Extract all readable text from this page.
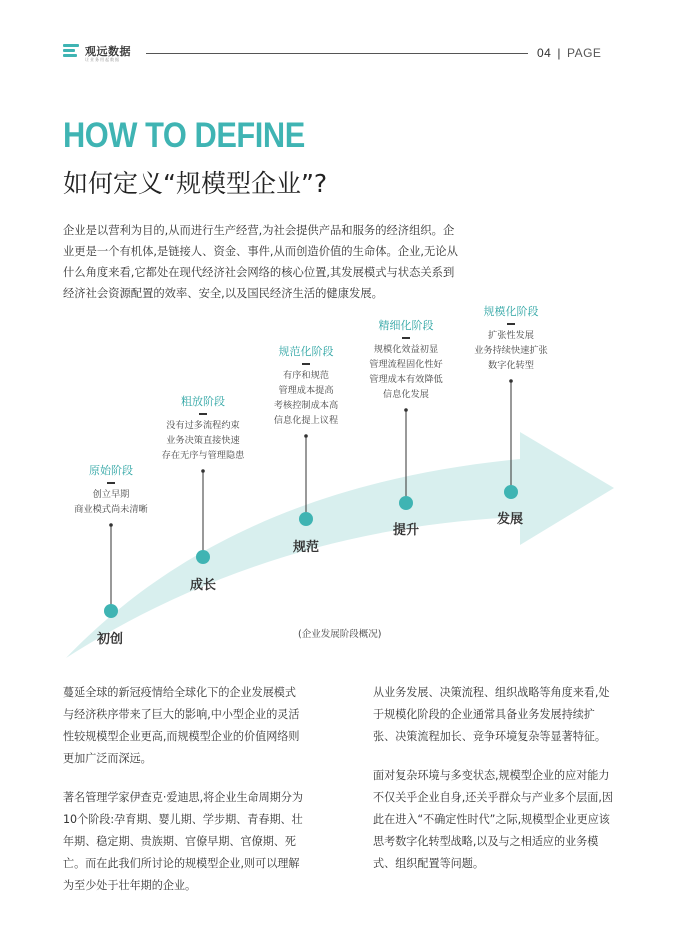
观远数据
让业务用起数据	04 | PAGE
HOW TO DEFINE
如何定义“规模型企业”?
企业是以营利为目的,从而进行生产经营,为社会提供产品和服务的经济组织。企业更是一个有机体,是链接人、资金、事件,从而创造价值的生命体。企业,无论从什么角度来看,它都处在现代经济社会网络的核心位置,其发展模式与状态关系到经济社会资源配置的效率、安全,以及国民经济生活的健康发展。
原始阶段
创立早期
商业模式尚未清晰
初创
粗放阶段
没有过多流程约束
业务决策直接快速
存在无序与管理隐患
成长
规范化阶段
有序和规范
管理成本提高
考核控制成本高
信息化提上议程
规范
精细化阶段
规模化效益初显
管理流程固化性好
管理成本有效降低
信息化发展
提升
规模化阶段
扩张性发展
业务持续快速扩张
数字化转型
发展
(企业发展阶段概况)

蔓延全球的新冠疫情给全球化下的企业发展模式与经济秩序带来了巨大的影响,中小型企业的灵活性较规模型企业更高,而规模型企业的价值网络则更加广泛而深远。

著名管理学家伊查克·爱迪思,将企业生命周期分为10个阶段:孕育期、婴儿期、学步期、青春期、壮年期、稳定期、贵族期、官僚早期、官僚期、死亡。而在此我们所讨论的规模型企业,则可以理解为至少处于壮年期的企业。

从业务发展、决策流程、组织战略等角度来看,处于规模化阶段的企业通常具备业务发展持续扩张、决策流程加长、竞争环境复杂等显著特征。

面对复杂环境与多变状态,规模型企业的应对能力不仅关乎企业自身,还关乎群众与产业多个层面,因此在进入“不确定性时代”之际,规模型企业更应该思考数字化转型战略,以及与之相适应的业务模式、组织配置等问题。
